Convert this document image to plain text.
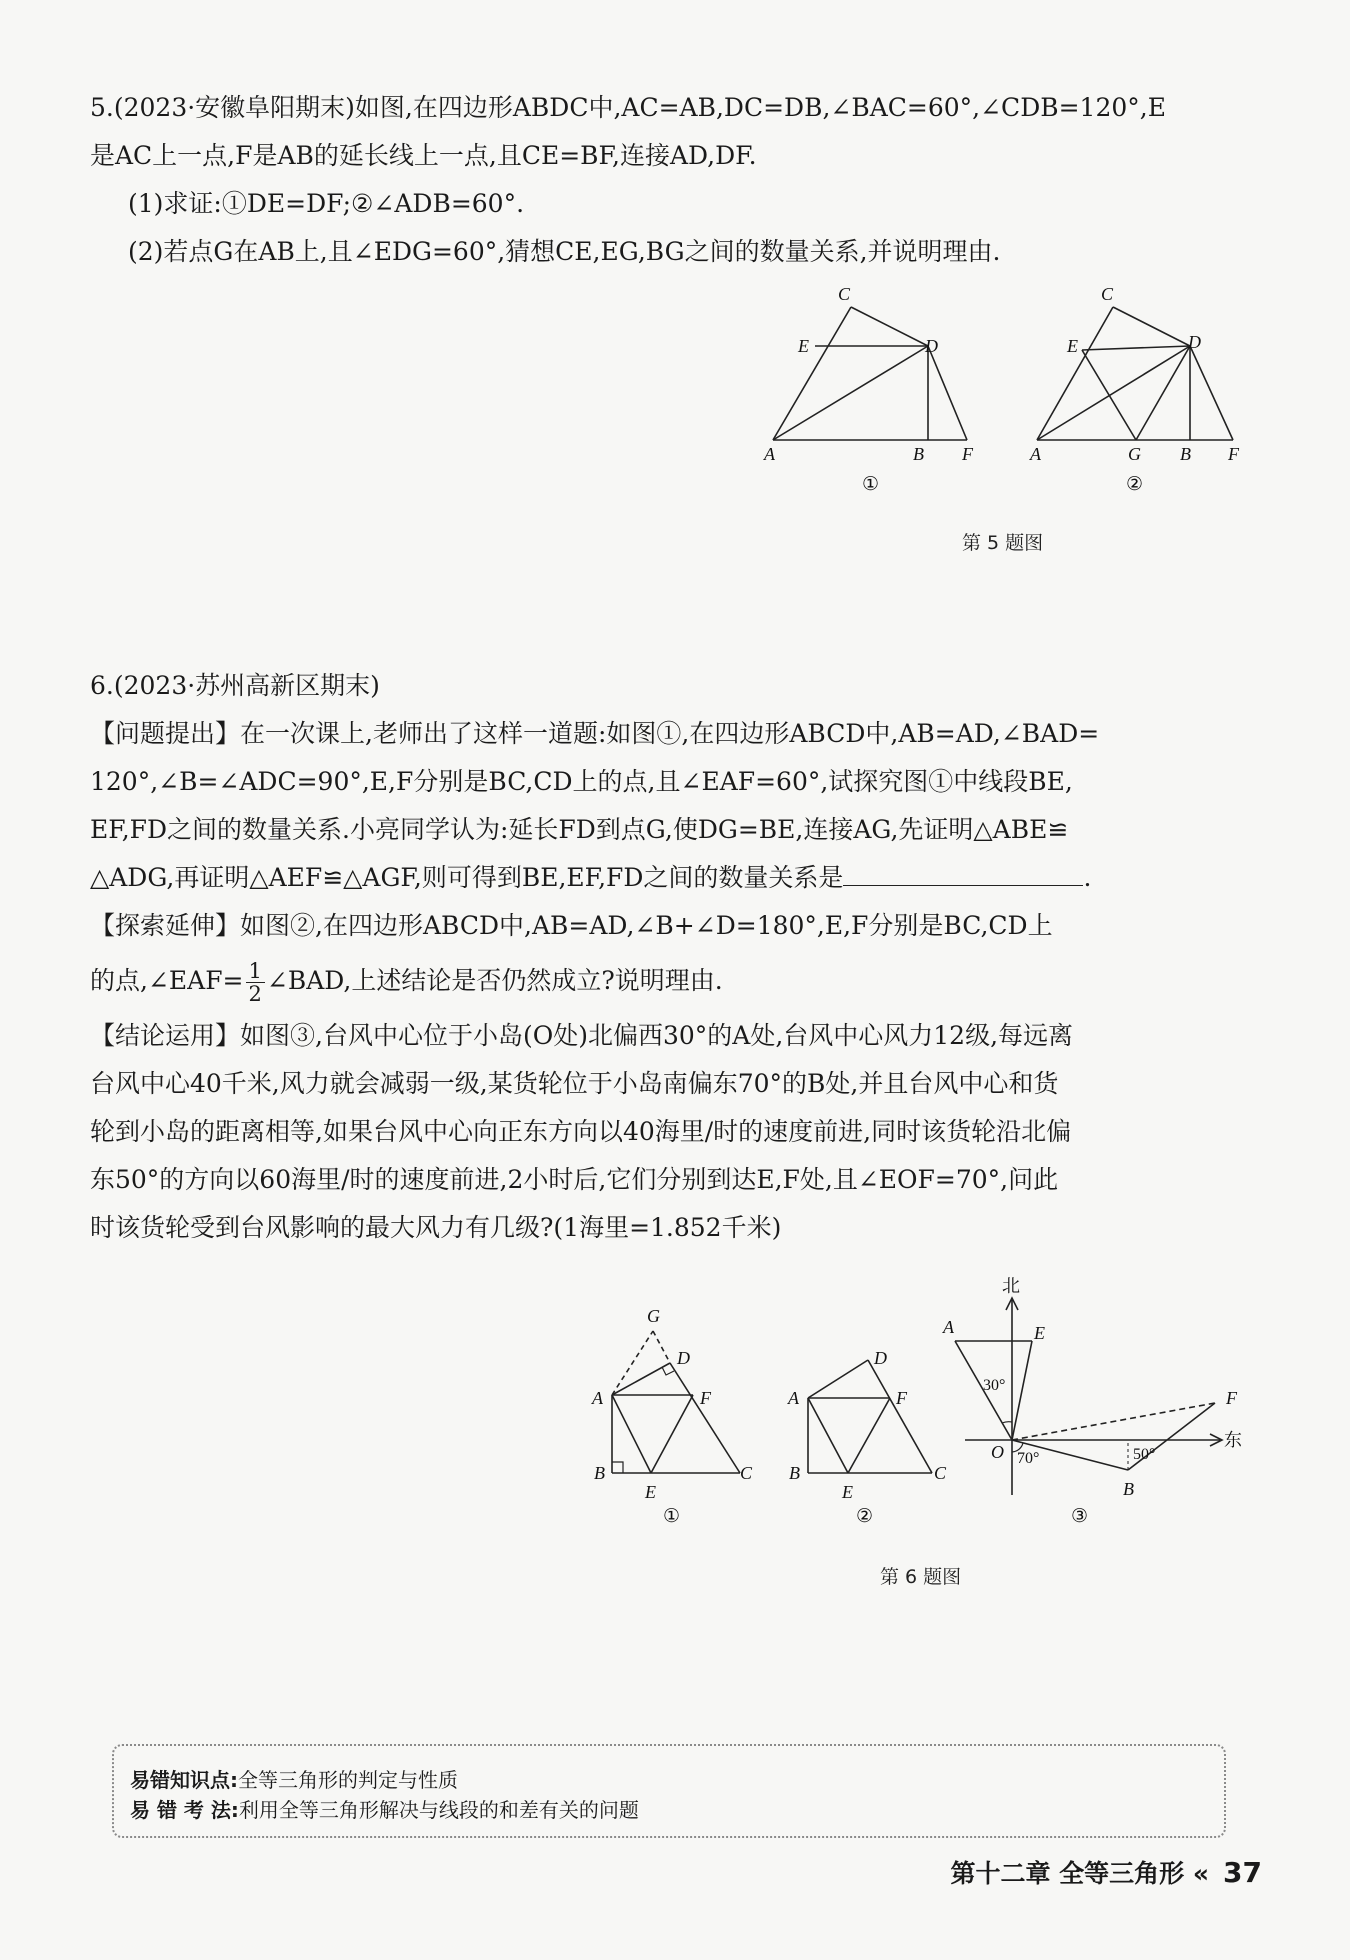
5.(2023·安徽阜阳期末)如图,在四边形ABDC中,AC=AB,DC=DB,∠BAC=60°,∠CDB=120°,E

是AC上一点,F是AB的延长线上一点,且CE=BF,连接AD,DF.

(1)求证:①DE=DF;②∠ADB=60°.

(2)若点G在AB上,且∠EDG=60°,猜想CE,EG,BG之间的数量关系,并说明理由.

C
E	D
A	B F
①
C
E	D
A	G B F
②
第 5 题图

6.(2023·苏州高新区期末)

【问题提出】在一次课上,老师出了这样一道题:如图①,在四边形ABCD中,AB=AD,∠BAD=

120°,∠B=∠ADC=90°,E,F分别是BC,CD上的点,且∠EAF=60°,试探究图①中线段BE,

EF,FD之间的数量关系.小亮同学认为:延长FD到点G,使DG=BE,连接AG,先证明△ABE≌

△ADG,再证明△AEF≌△AGF,则可得到BE,EF,FD之间的数量关系是	.

【探索延伸】如图②,在四边形ABCD中,AB=AD,∠B+∠D=180°,E,F分别是BC,CD上

的点,∠EAF= $\frac{1}{2}$ ∠BAD,上述结论是否仍然成立?说明理由.

【结论运用】如图③,台风中心位于小岛(O处)北偏西30°的A处,台风中心风力12级,每远离

台风中心40千米,风力就会减弱一级,某货轮位于小岛南偏东70°的B处,并且台风中心和货

轮到小岛的距离相等,如果台风中心向正东方向以40海里/时的速度前进,同时该货轮沿北偏

东50°的方向以60海里/时的速度前进,2小时后,它们分别到达E,F处,且∠EOF=70°,问此

时该货轮受到台风影响的最大风力有几级?(1海里=1.852千米)

G
D
A	F
B
E
C
①
D
A	F
B
E
C
②
北
东
A	E
F
O
B
30°
70°	50°
③
第 6 题图
易错知识点:全等三角形的判定与性质
易 错 考 法:利用全等三角形解决与线段的和差有关的问题
第十二章 全等三角形 « 37
